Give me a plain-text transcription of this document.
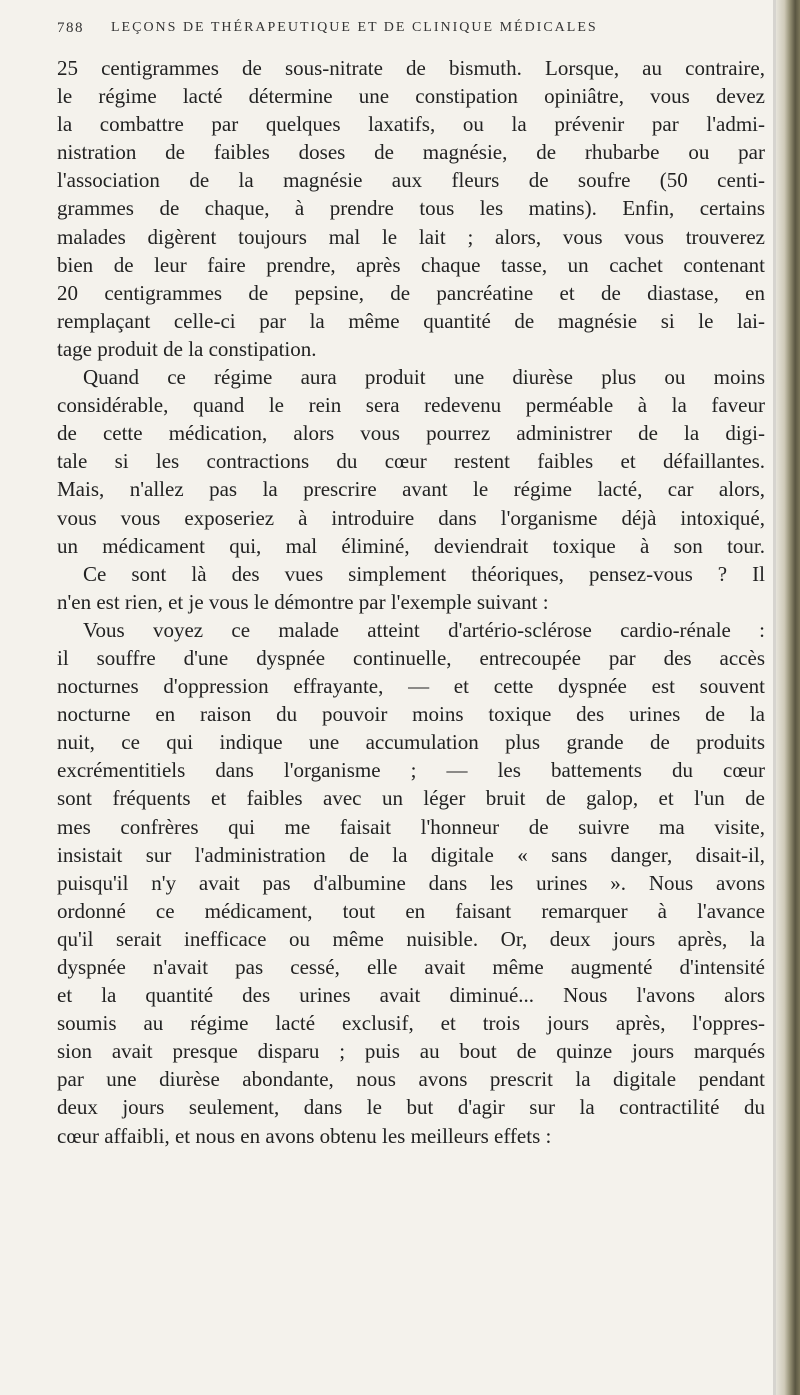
788 LEÇONS DE THÉRAPEUTIQUE ET DE CLINIQUE MÉDICALES
25 centigrammes de sous-nitrate de bismuth. Lorsque, au contraire,
le régime lacté détermine une constipation opiniâtre, vous devez
la combattre par quelques laxatifs, ou la prévenir par l'admi-
nistration de faibles doses de magnésie, de rhubarbe ou par
l'association de la magnésie aux fleurs de soufre (50 centi-
grammes de chaque, à prendre tous les matins). Enfin, certains
malades digèrent toujours mal le lait ; alors, vous vous trouverez
bien de leur faire prendre, après chaque tasse, un cachet contenant
20 centigrammes de pepsine, de pancréatine et de diastase, en
remplaçant celle-ci par la même quantité de magnésie si le lai-
tage produit de la constipation.
Quand ce régime aura produit une diurèse plus ou moins
considérable, quand le rein sera redevenu perméable à la faveur
de cette médication, alors vous pourrez administrer de la digi-
tale si les contractions du cœur restent faibles et défaillantes.
Mais, n'allez pas la prescrire avant le régime lacté, car alors,
vous vous exposeriez à introduire dans l'organisme déjà intoxiqué,
un médicament qui, mal éliminé, deviendrait toxique à son tour.
Ce sont là des vues simplement théoriques, pensez-vous ? Il
n'en est rien, et je vous le démontre par l'exemple suivant :
Vous voyez ce malade atteint d'artério-sclérose cardio-rénale :
il souffre d'une dyspnée continuelle, entrecoupée par des accès
nocturnes d'oppression effrayante, — et cette dyspnée est souvent
nocturne en raison du pouvoir moins toxique des urines de la
nuit, ce qui indique une accumulation plus grande de produits
excrémentitiels dans l'organisme ; — les battements du cœur
sont fréquents et faibles avec un léger bruit de galop, et l'un de
mes confrères qui me faisait l'honneur de suivre ma visite,
insistait sur l'administration de la digitale « sans danger, disait-il,
puisqu'il n'y avait pas d'albumine dans les urines ». Nous avons
ordonné ce médicament, tout en faisant remarquer à l'avance
qu'il serait inefficace ou même nuisible. Or, deux jours après, la
dyspnée n'avait pas cessé, elle avait même augmenté d'intensité
et la quantité des urines avait diminué... Nous l'avons alors
soumis au régime lacté exclusif, et trois jours après, l'oppres-
sion avait presque disparu ; puis au bout de quinze jours marqués
par une diurèse abondante, nous avons prescrit la digitale pendant
deux jours seulement, dans le but d'agir sur la contractilité du
cœur affaibli, et nous en avons obtenu les meilleurs effets :
